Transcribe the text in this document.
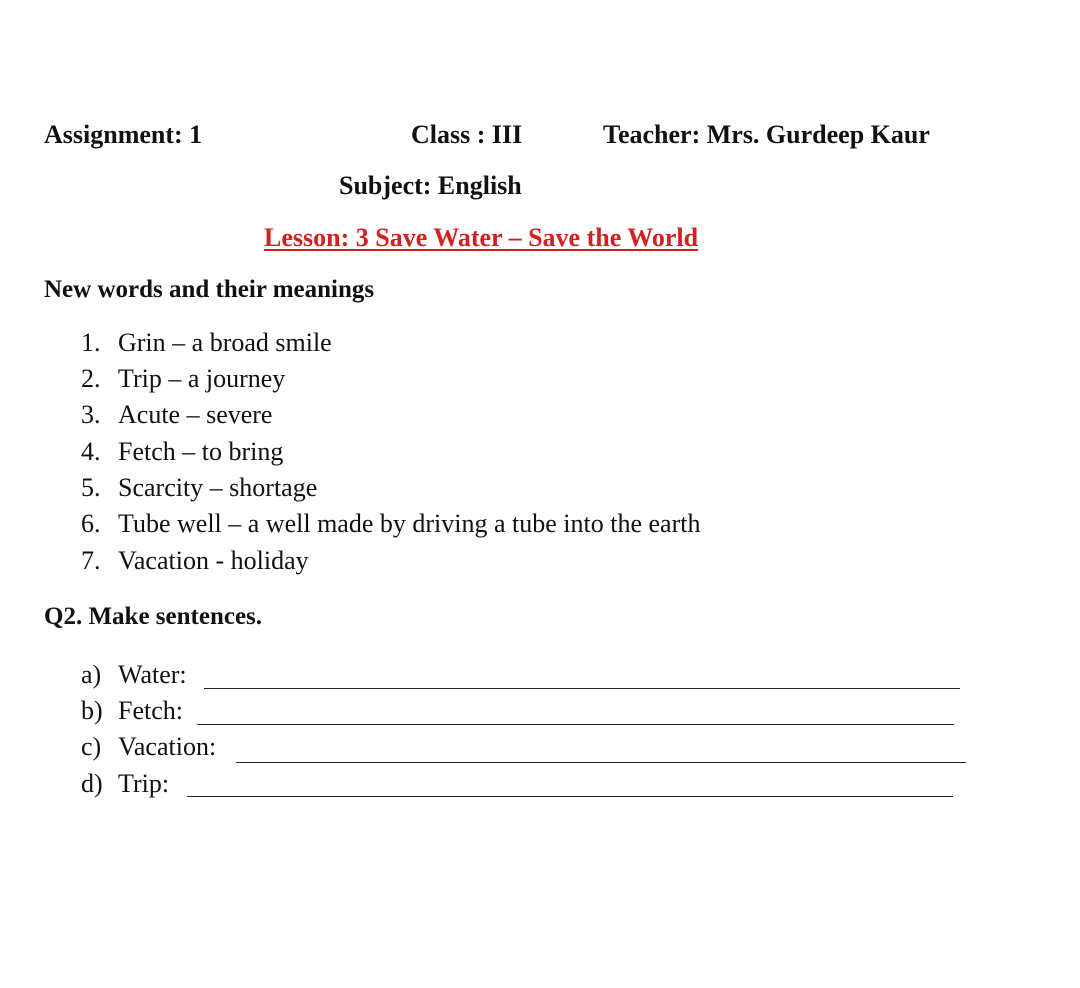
Assignment: 1	Class : III	Teacher: Mrs. Gurdeep Kaur
Subject: English
Lesson: 3 Save Water – Save the World
New words and their meanings
1. Grin – a broad smile
2. Trip – a journey
3. Acute – severe
4. Fetch – to bring
5. Scarcity – shortage
6. Tube well – a well made by driving a tube into the earth
7. Vacation - holiday
Q2. Make sentences.
a) Water:
b) Fetch:
c) Vacation:
d) Trip:
